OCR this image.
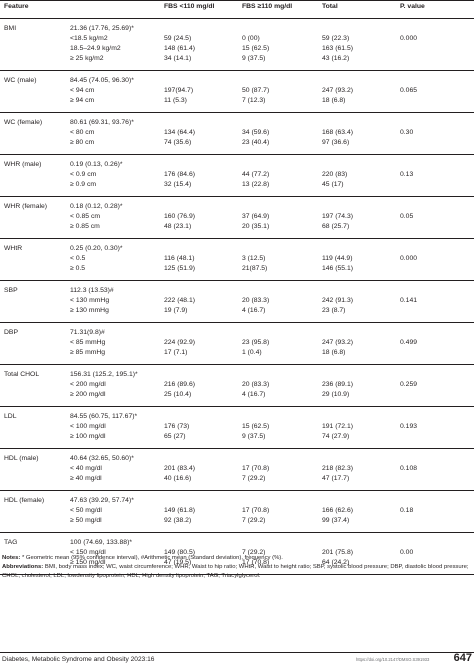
Feature		FBS <110 mg/dl	FBS ≥110 mg/dl	Total	P. value
BMI	21.36 (17.76, 25.69)*				
	<18.5 kg/m2	59 (24.5)	0 (00)	59 (22.3)	0.000
	18.5–24.9 kg/m2	148 (61.4)	15 (62.5)	163 (61.5)	
	≥ 25 kg/m2	34 (14.1)	9 (37.5)	43 (16.2)	
WC (male)	84.45 (74.05, 96.30)*				
	< 94 cm	197(94.7)	50 (87.7)	247 (93.2)	0.065
	≥ 94 cm	11 (5.3)	7 (12.3)	18 (6.8)	
WC (female)	80.61 (69.31, 93.76)*				
	< 80 cm	134 (64.4)	34 (59.6)	168 (63.4)	0.30
	≥ 80 cm	74 (35.6)	23 (40.4)	97 (36.6)	
WHR (male)	0.19 (0.13, 0.26)*				
	< 0.9 cm	176 (84.6)	44 (77.2)	220 (83)	0.13
	≥ 0.9 cm	32 (15.4)	13 (22.8)	45 (17)	
WHR (female)	0.18 (0.12, 0.28)*				
	< 0.85 cm	160 (76.9)	37 (64.9)	197 (74.3)	0.05
	≥ 0.85 cm	48 (23.1)	20 (35.1)	68 (25.7)	
WHtR	0.25 (0.20, 0.30)*				
	< 0.5	116 (48.1)	3 (12.5)	119 (44.9)	0.000
	≥ 0.5	125 (51.9)	21(87.5)	146 (55.1)	
SBP	112.3 (13.53)#				
	< 130 mmHg	222 (48.1)	20 (83.3)	242 (91.3)	0.141
	≥ 130 mmHg	19 (7.9)	4 (16.7)	23 (8.7)	
DBP	71.31(9.8)#				
	< 85 mmHg	224 (92.9)	23 (95.8)	247 (93.2)	0.499
	≥ 85 mmHg	17 (7.1)	1 (0.4)	18 (6.8)	
Total CHOL	156.31 (125.2, 195.1)*				
	< 200 mg/dl	216 (89.6)	20 (83.3)	236 (89.1)	0.259
	≥ 200 mg/dl	25 (10.4)	4 (16.7)	29 (10.9)	
LDL	84.55 (60.75, 117.67)*				
	< 100 mg/dl	176 (73)	15 (62.5)	191 (72.1)	0.193
	≥ 100 mg/dl	65 (27)	9 (37.5)	74 (27.9)	
HDL (male)	40.64 (32.65, 50.60)*				
	< 40 mg/dl	201 (83.4)	17 (70.8)	218 (82.3)	0.108
	≥ 40 mg/dl	40 (16.6)	7 (29.2)	47 (17.7)	
HDL (female)	47.63 (39.29, 57.74)*				
	< 50 mg/dl	149 (61.8)	17 (70.8)	166 (62.6)	0.18
	≥ 50 mg/dl	92 (38.2)	7 (29.2)	99 (37.4)	
TAG	100 (74.69, 133.88)*				
	< 150 mg/dl	149 (80.5)	7 (29.2)	201 (75.8)	0.00
	≥ 150 mg/dl	47 (19.5)	17 (70.8)	64 (24.2)	
Notes: * Geometric mean (95% confidence interval), #Arithmetic mean (Standard deviation), frequency (%).
Abbreviations: BMI, body mass index; WC, waist circumference; WHR, Waist to hip ratio; WHtR, Waist to height ratio; SBP, systolic blood pressure; DBP, diastolic blood pressure; CHOL, cholesterol; LDL, lowdensity lipoprotein; HDL, High density lipoprotein; TAG, Triacylglycerol.
Diabetes, Metabolic Syndrome and Obesity 2023:16	https://doi.org/10.2147/DMSO.S391933 647
